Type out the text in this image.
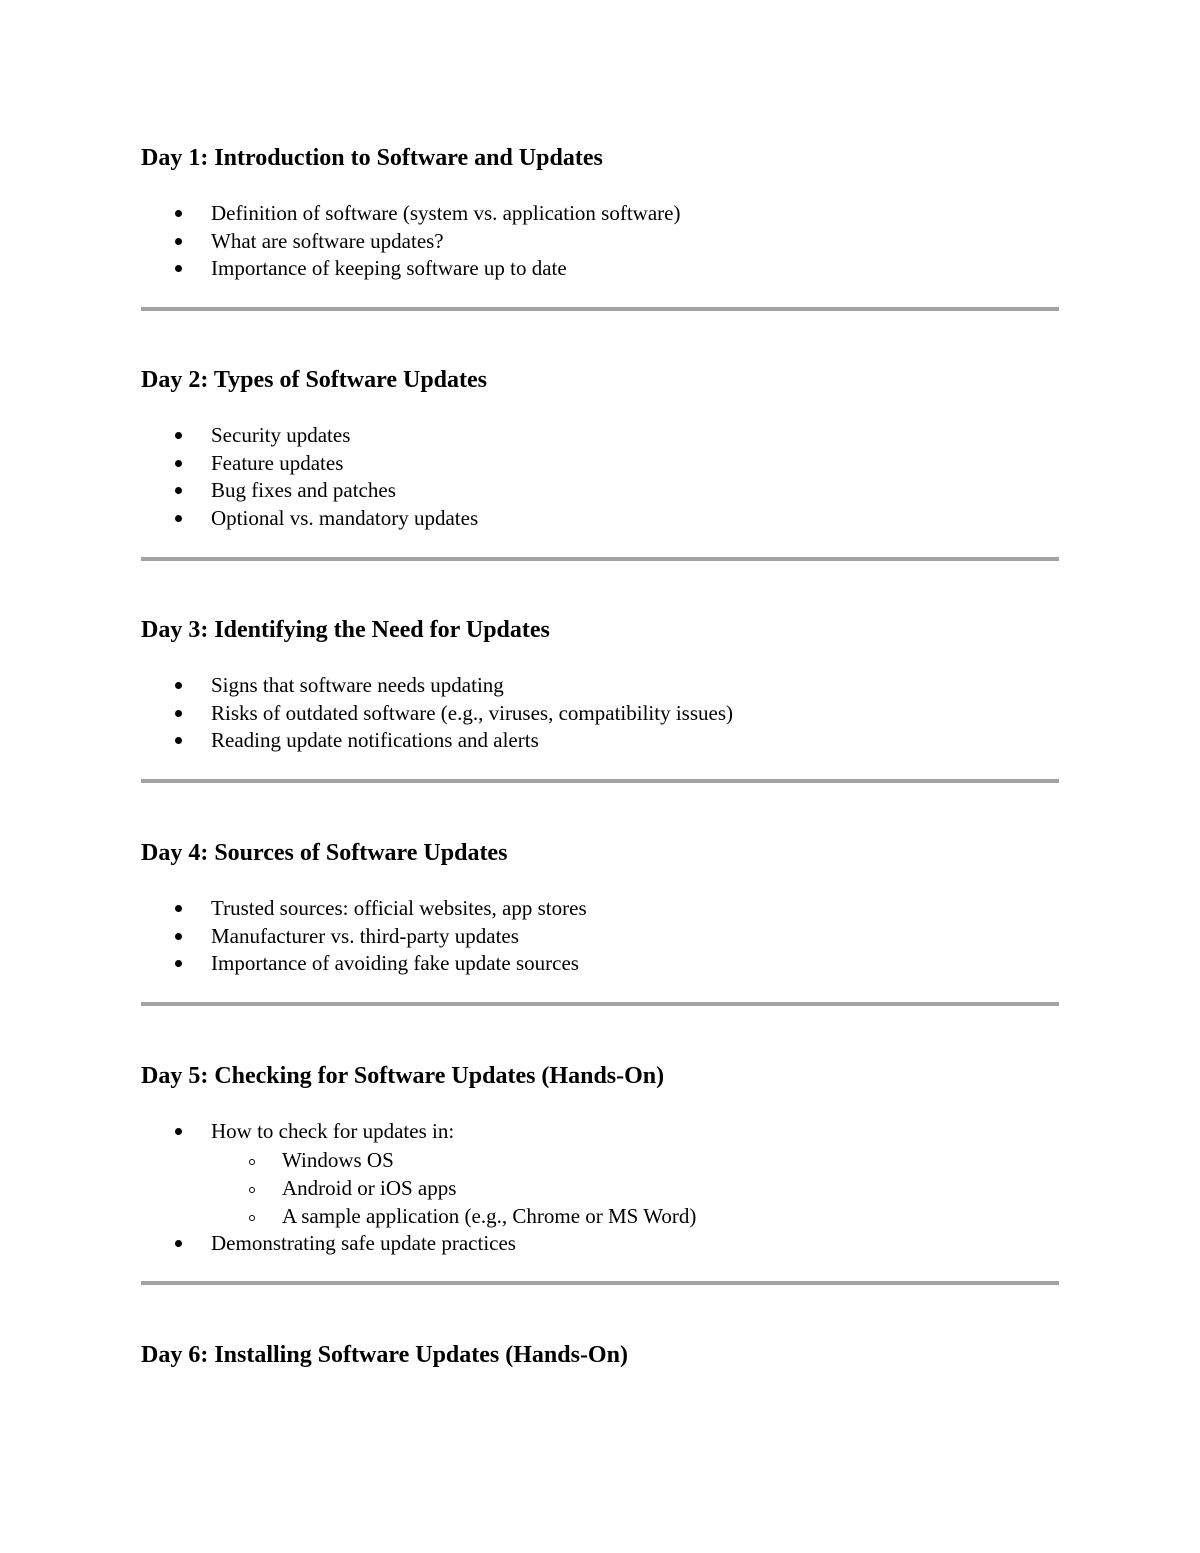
Day 1: Introduction to Software and Updates
Definition of software (system vs. application software)
What are software updates?
Importance of keeping software up to date
Day 2: Types of Software Updates
Security updates
Feature updates
Bug fixes and patches
Optional vs. mandatory updates
Day 3: Identifying the Need for Updates
Signs that software needs updating
Risks of outdated software (e.g., viruses, compatibility issues)
Reading update notifications and alerts
Day 4: Sources of Software Updates
Trusted sources: official websites, app stores
Manufacturer vs. third-party updates
Importance of avoiding fake update sources
Day 5: Checking for Software Updates (Hands-On)
How to check for updates in:
Windows OS
Android or iOS apps
A sample application (e.g., Chrome or MS Word)
Demonstrating safe update practices
Day 6: Installing Software Updates (Hands-On)
